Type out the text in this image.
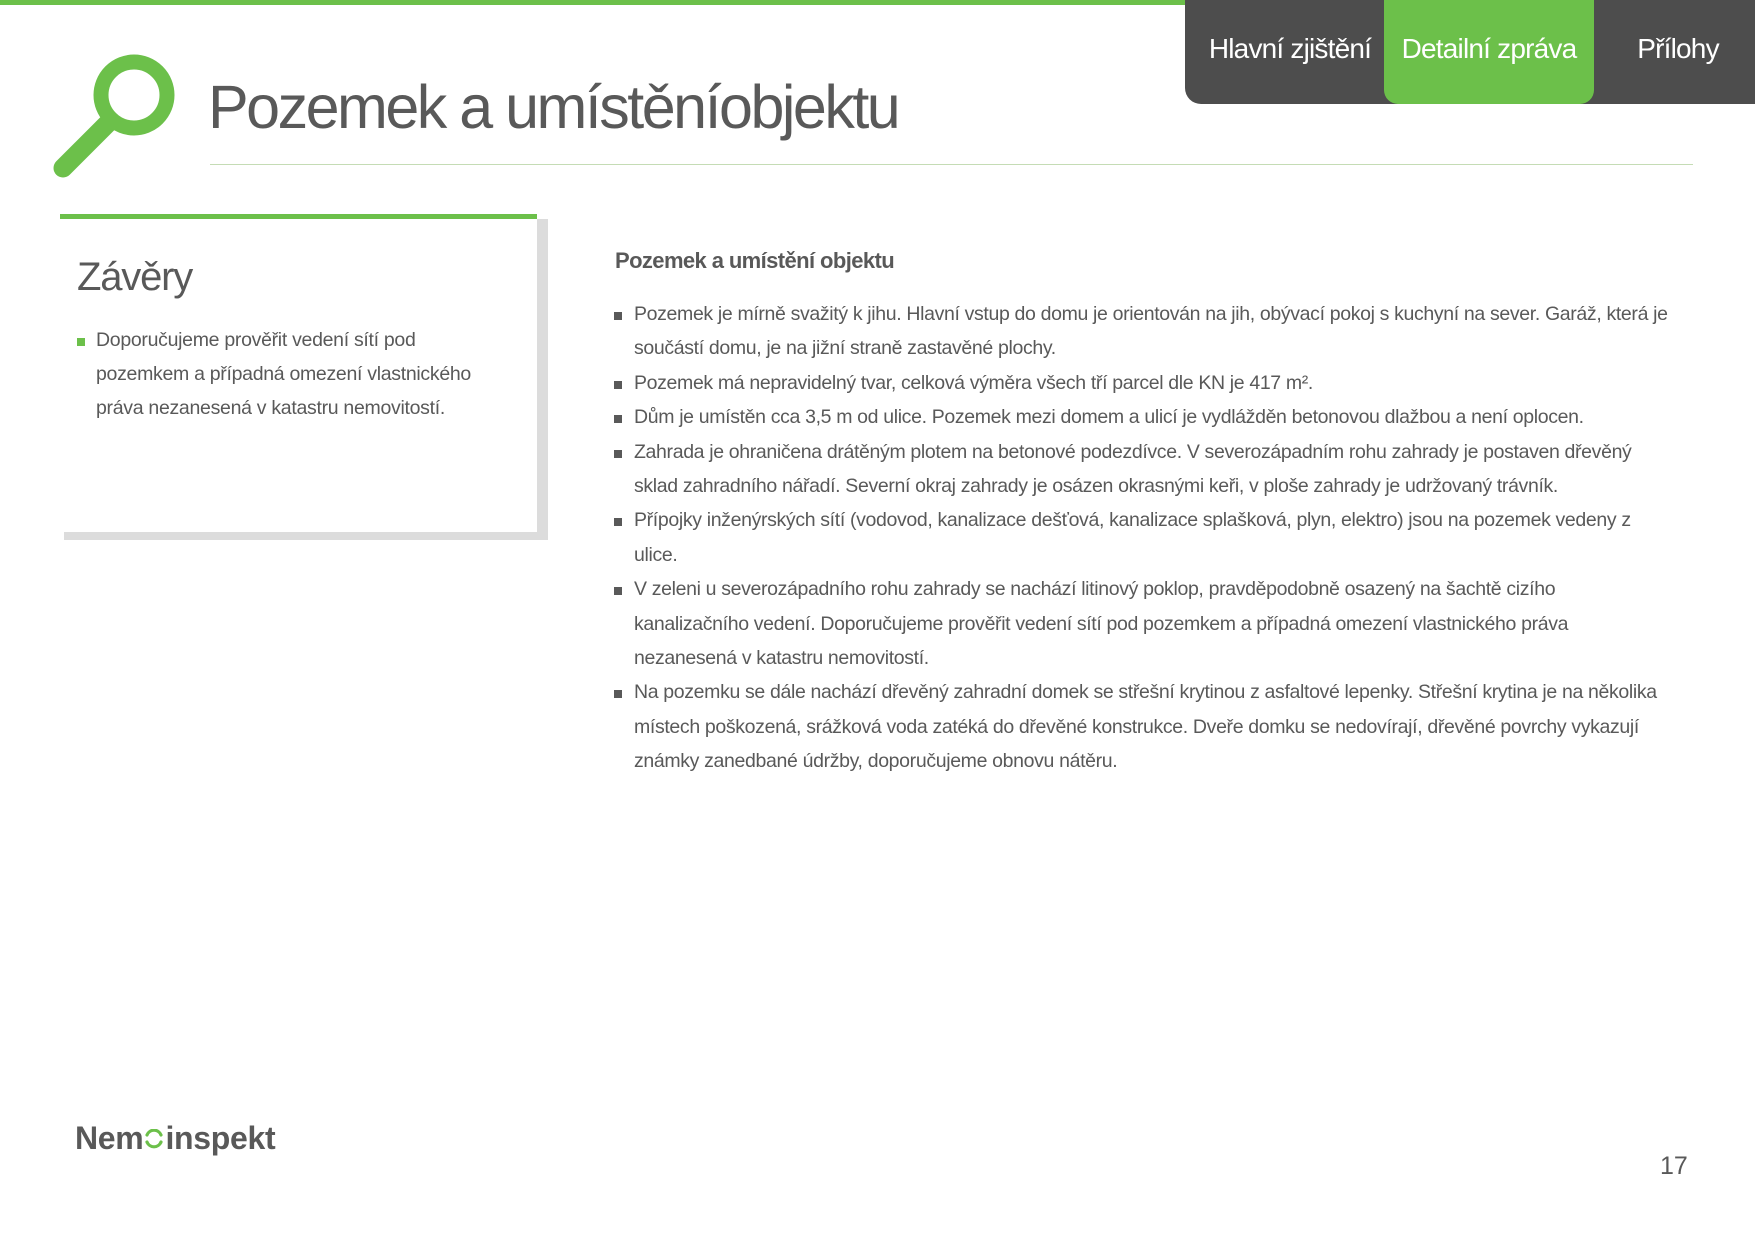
Hlavní zjištění	Detailní zpráva	Přílohy
Pozemek a umístěníobjektu
Závěry
Doporučujeme prověřit vedení sítí pod pozemkem a případná omezení vlastnického práva nezanesená v katastru nemovitostí.
Pozemek a umístění objektu
Pozemek je mírně svažitý k jihu. Hlavní vstup do domu je orientován na jih, obývací pokoj s kuchyní na sever. Garáž, která je součástí domu, je na jižní straně zastavěné plochy.
Pozemek má nepravidelný tvar, celková výměra všech tří parcel dle KN je 417 m².
Dům je umístěn cca 3,5 m od ulice. Pozemek mezi domem a ulicí je vydlážděn betonovou dlažbou a není oplocen.
Zahrada je ohraničena drátěným plotem na betonové podezdívce. V severozápadním rohu zahrady je postaven dřevěný sklad zahradního nářadí. Severní okraj zahrady je osázen okrasnými keři, v ploše zahrady je udržovaný trávník.
Přípojky inženýrských sítí (vodovod, kanalizace dešťová, kanalizace splašková, plyn, elektro) jsou na pozemek vedeny z ulice.
V zeleni u severozápadního rohu zahrady se nachází litinový poklop, pravděpodobně osazený na šachtě cizího kanalizačního vedení. Doporučujeme prověřit vedení sítí pod pozemkem a případná omezení vlastnického práva nezanesená v katastru nemovitostí.
Na pozemku se dále nachází dřevěný zahradní domek se střešní krytinou z asfaltové lepenky. Střešní krytina je na několika místech poškozená, srážková voda zatéká do dřevěné konstrukce. Dveře domku se nedovírají, dřevěné povrchy vykazují známky zanedbané údržby, doporučujeme obnovu nátěru.
Nem inspekt
17
